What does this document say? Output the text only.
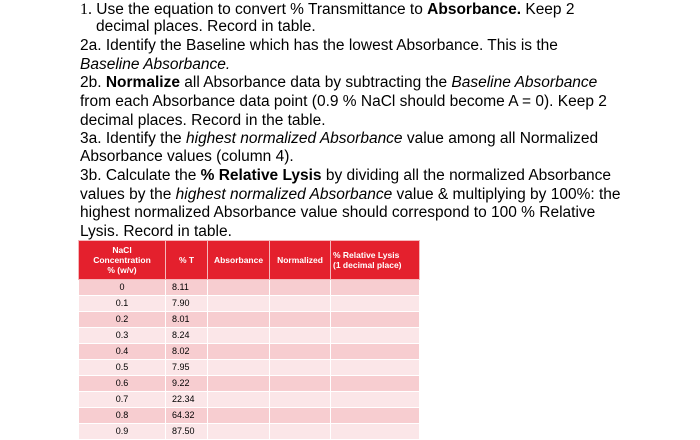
1. Use the equation to convert % Transmittance to Absorbance. Keep 2
decimal places. Record in table.
2a. Identify the Baseline which has the lowest Absorbance. This is the
Baseline Absorbance.
2b. Normalize all Absorbance data by subtracting the Baseline Absorbance
from each Absorbance data point (0.9 % NaCl should become A = 0). Keep 2
decimal places. Record in the table.
3a. Identify the highest normalized Absorbance value among all Normalized
Absorbance values (column 4).
3b. Calculate the % Relative Lysis by dividing all the normalized Absorbance
values by the highest normalized Absorbance value & multiplying by 100%: the
highest normalized Absorbance value should correspond to 100 % Relative
Lysis. Record in table.
NaCl
Concentration
% (w/v)	% T	Absorbance	Normalized	% Relative Lysis
(1 decimal place)
0	8.11			
0.1	7.90			
0.2	8.01			
0.3	8.24			
0.4	8.02			
0.5	7.95			
0.6	9.22			
0.7	22.34			
0.8	64.32			
0.9	87.50			
